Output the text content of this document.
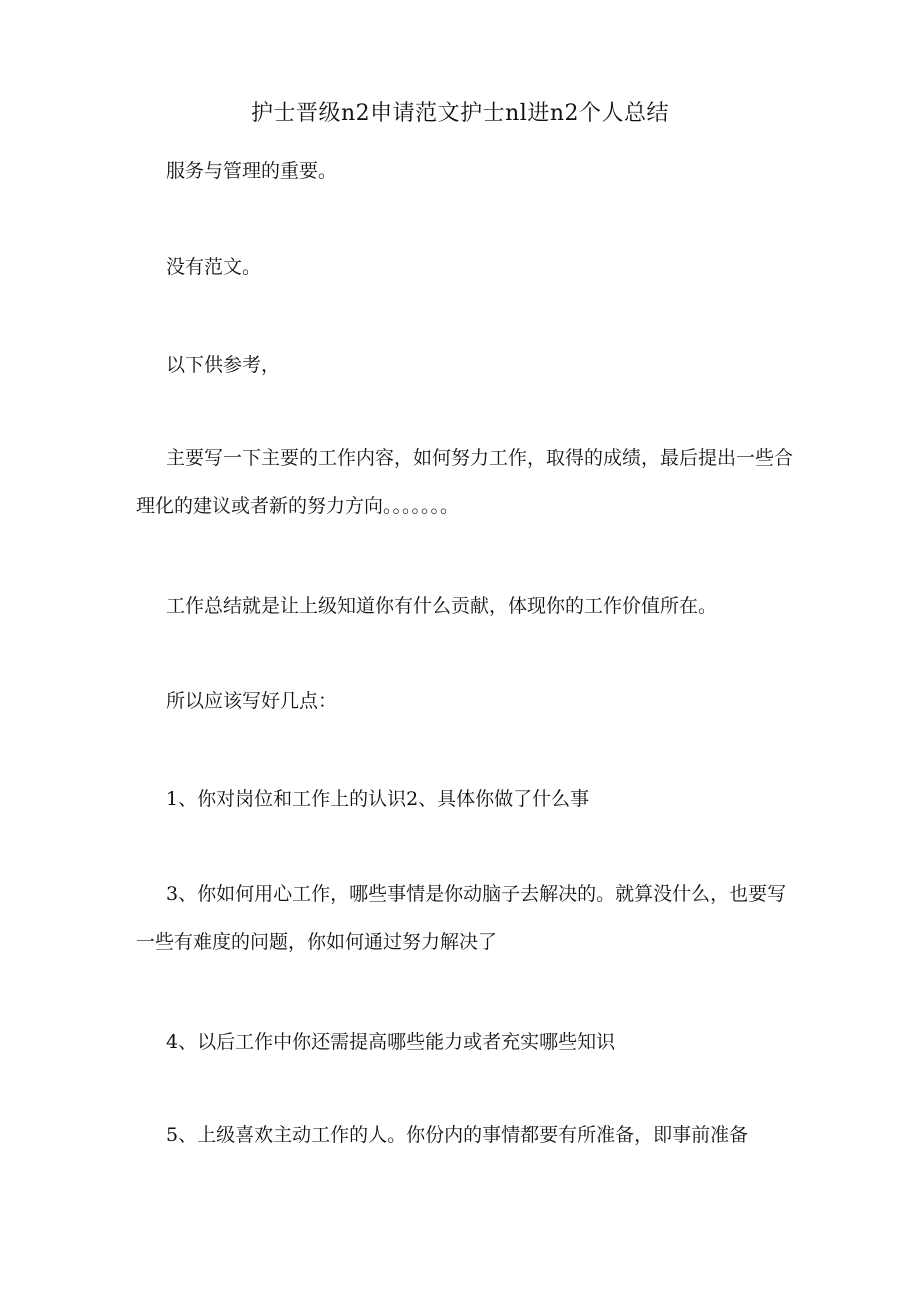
护士晋级n2申请范文护士nl进n2个人总结
服务与管理的重要。
没有范文。
以下供参考，
主要写一下主要的工作内容，如何努力工作，取得的成绩，最后提出一些合理化的建议或者新的努力方向。。。。。。。
工作总结就是让上级知道你有什么贡献，体现你的工作价值所在。
所以应该写好几点：
1、你对岗位和工作上的认识2、具体你做了什么事
3、你如何用心工作，哪些事情是你动脑子去解决的。就算没什么，也要写一些有难度的问题，你如何通过努力解决了
4、以后工作中你还需提高哪些能力或者充实哪些知识
5、上级喜欢主动工作的人。你份内的事情都要有所准备，即事前准备
